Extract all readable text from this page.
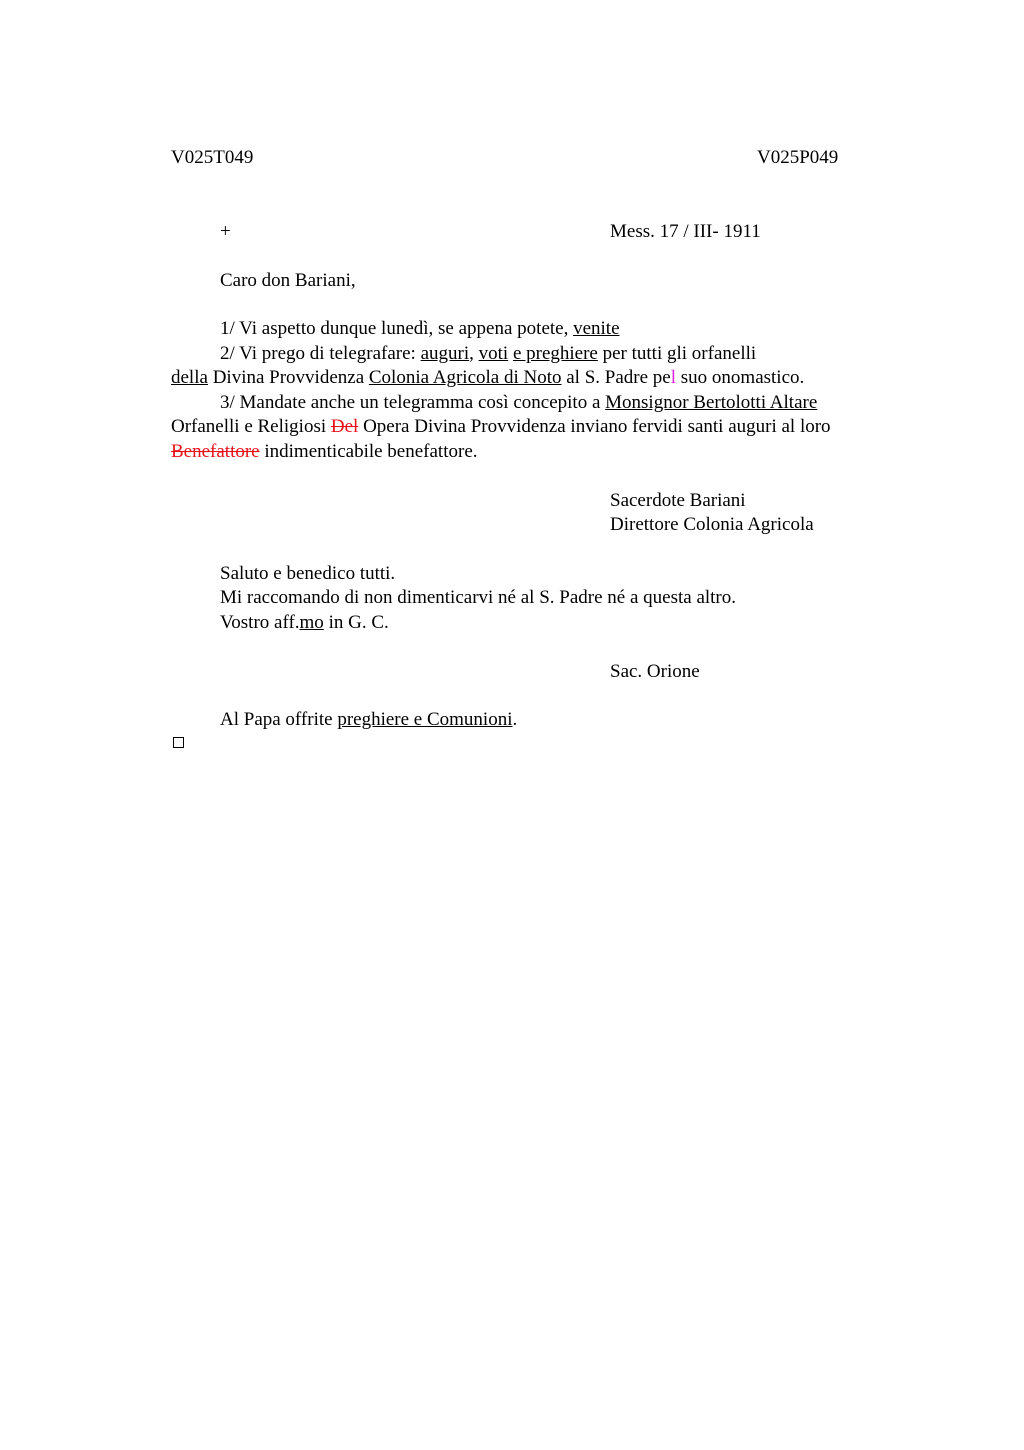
V025T049	V025P049
+	Mess. 17 / III- 1911
Caro don Bariani,
1/ Vi aspetto dunque lunedì, se appena potete, venite
2/ Vi prego di telegrafare: auguri, voti e preghiere per tutti gli orfanelli
della Divina Provvidenza Colonia Agricola di Noto al S. Padre pel suo onomastico.
3/ Mandate anche un telegramma così concepito a Monsignor Bertolotti Altare
Orfanelli e Religiosi Del Opera Divina Provvidenza inviano fervidi santi auguri al loro
Benefattore indimenticabile benefattore.
Sacerdote Bariani
Direttore Colonia Agricola
Saluto e benedico tutti.
Mi raccomando di non dimenticarvi né al S. Padre né a questa altro.
Vostro aff.mo in G. C.
Sac. Orione
Al Papa offrite preghiere e Comunioni.
